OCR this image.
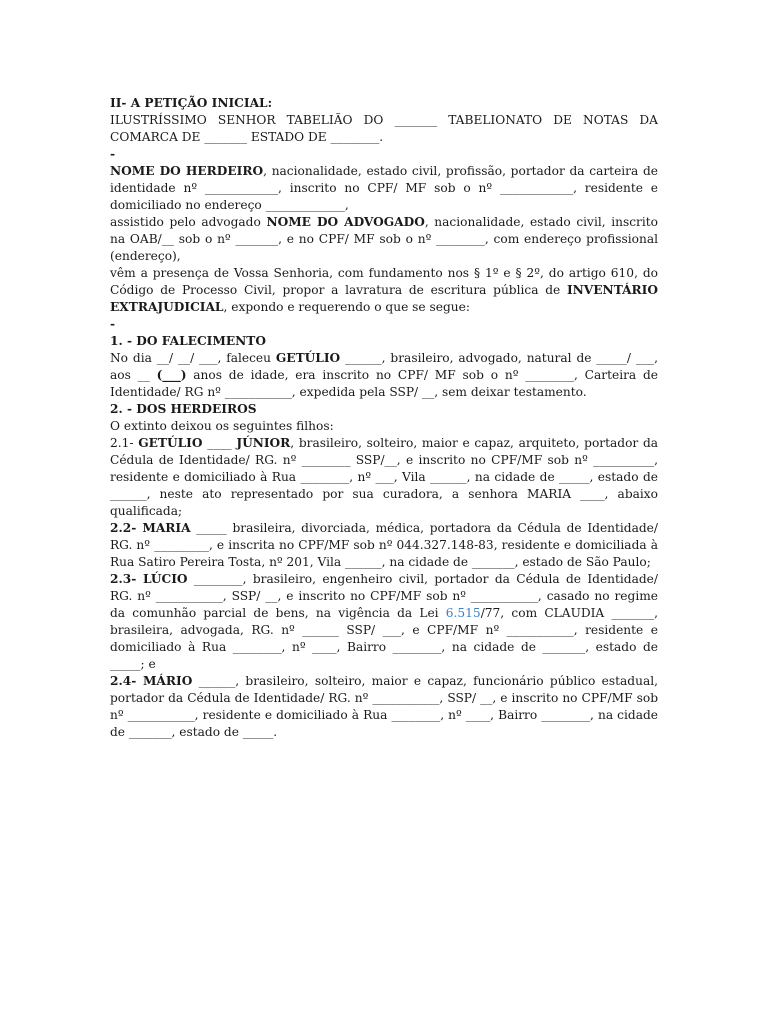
II- A PETIÇÃO INICIAL:

ILUSTRÍSSIMO SENHOR TABELIÃO DO _______ TABELIONATO DE NOTAS DA COMARCA DE _______ ESTADO DE ________.

-

NOME DO HERDEIRO, nacionalidade, estado civil, profissão, portador da carteira de identidade nº ____________, inscrito no CPF/ MF sob o nº ____________, residente e domiciliado no endereço _____________,

assistido pelo advogado NOME DO ADVOGADO, nacionalidade, estado civil, inscrito na OAB/__ sob o nº _______, e no CPF/ MF sob o nº ________, com endereço profissional (endereço),

vêm a presença de Vossa Senhoria, com fundamento nos § 1º e § 2º, do artigo 610, do Código de Processo Civil, propor a lavratura de escritura pública de INVENTÁRIO EXTRAJUDICIAL, expondo e requerendo o que se segue:

-

1. - DO FALECIMENTO

No dia __/ __/ ___, faleceu GETÚLIO ______, brasileiro, advogado, natural de _____/ ___, aos __ (___) anos de idade, era inscrito no CPF/ MF sob o nº ________, Carteira de Identidade/ RG nº ___________, expedida pela SSP/ __, sem deixar testamento.

2. - DOS HERDEIROS

O extinto deixou os seguintes filhos:

2.1- GETÚLIO ____ JÚNIOR, brasileiro, solteiro, maior e capaz, arquiteto, portador da Cédula de Identidade/ RG. nº ________ SSP/__, e inscrito no CPF/MF sob nº __________, residente e domiciliado à Rua ________, nº ___, Vila ______, na cidade de _____, estado de ______, neste ato representado por sua curadora, a senhora MARIA ____, abaixo qualificada;

2.2- MARIA _____ brasileira, divorciada, médica, portadora da Cédula de Identidade/ RG. nº _________, e inscrita no CPF/MF sob nº 044.327.148-83, residente e domiciliada à Rua Satiro Pereira Tosta, nº 201, Vila ______, na cidade de _______, estado de São Paulo;

2.3- LÚCIO ________, brasileiro, engenheiro civil, portador da Cédula de Identidade/ RG. nº ___________, SSP/ __, e inscrito no CPF/MF sob nº ___________, casado no regime da comunhão parcial de bens, na vigência da Lei 6.515/77, com CLAUDIA _______, brasileira, advogada, RG. nº ______ SSP/ ___, e CPF/MF nº ___________, residente e domiciliado à Rua ________, nº ____, Bairro ________, na cidade de _______, estado de _____; e

2.4- MÁRIO ______, brasileiro, solteiro, maior e capaz, funcionário público estadual, portador da Cédula de Identidade/ RG. nº ___________, SSP/ __, e inscrito no CPF/MF sob nº ___________, residente e domiciliado à Rua ________, nº ____, Bairro ________, na cidade de _______, estado de _____.
